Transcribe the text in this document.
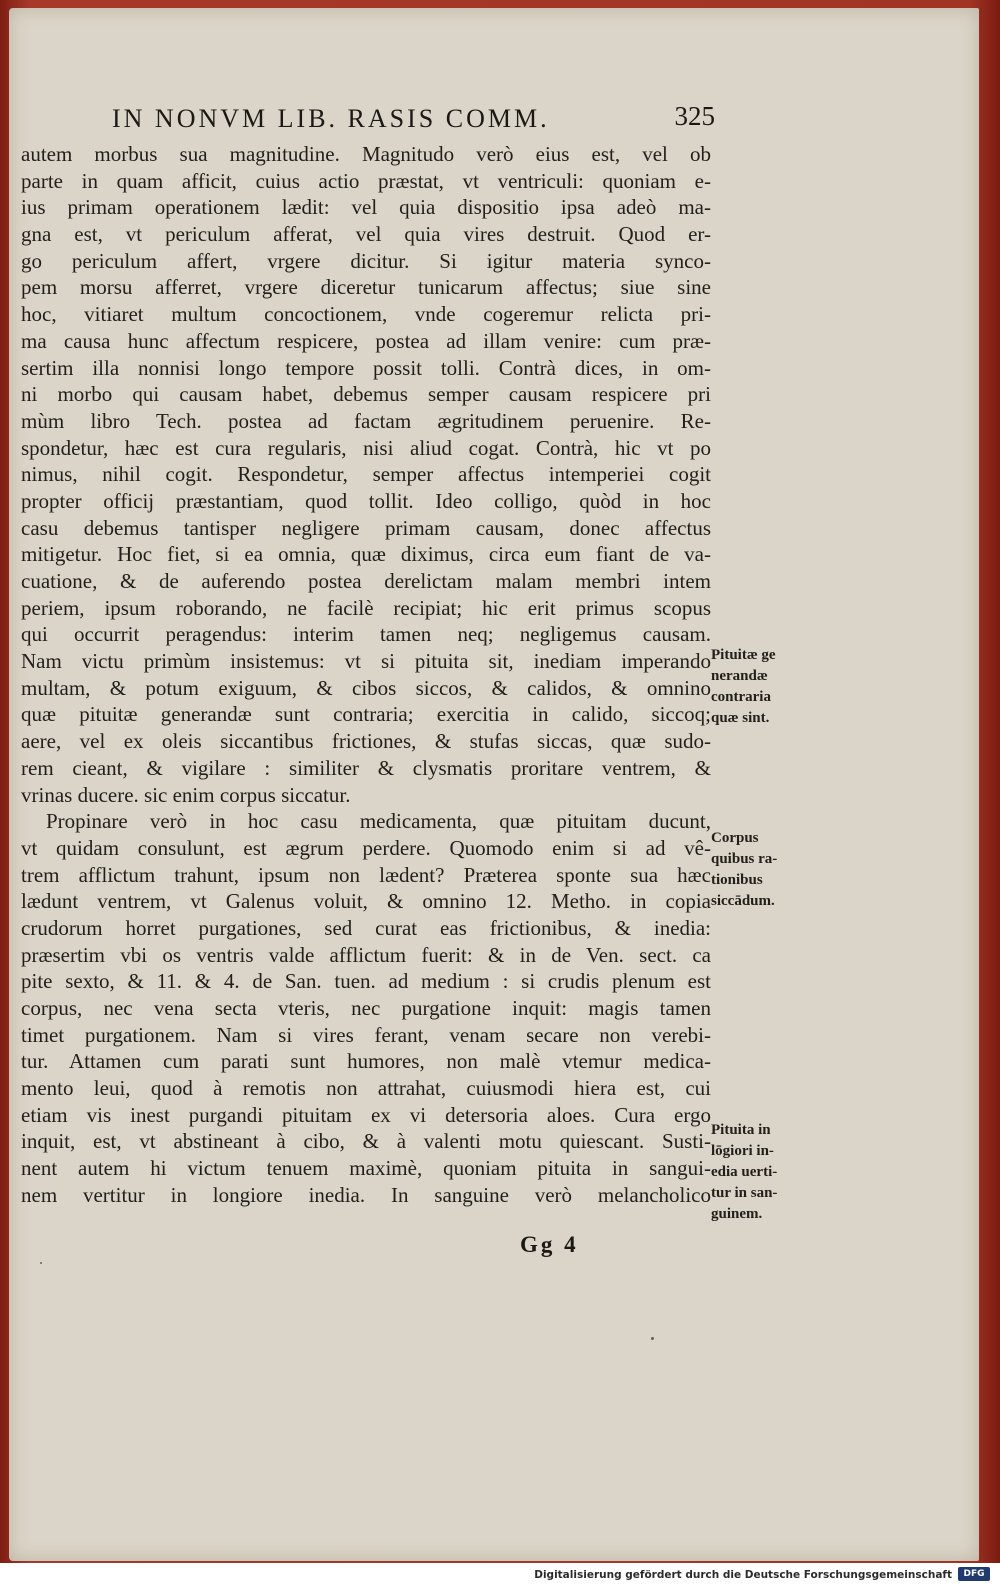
IN NONVM LIB. RASIS COMM.	325
autem morbus sua magnitudine. Magnitudo verò eius est, vel ob
parte in quam afficit, cuius actio præstat, vt ventriculi: quoniam e-
ius primam operationem lædit: vel quia dispositio ipsa adeò ma-
gna est, vt periculum afferat, vel quia vires destruit. Quod er-
go periculum affert, vrgere dicitur. Si igitur materia synco-
pem morsu afferret, vrgere diceretur tunicarum affectus; siue sine
hoc, vitiaret multum concoctionem, vnde cogeremur relicta pri-
ma causa hunc affectum respicere, postea ad illam venire: cum præ-
sertim illa nonnisi longo tempore possit tolli. Contrà dices, in om-
ni morbo qui causam habet, debemus semper causam respicere pri
mùm libro Tech. postea ad factam ægritudinem peruenire. Re-
spondetur, hæc est cura regularis, nisi aliud cogat. Contrà, hic vt po
nimus, nihil cogit. Respondetur, semper affectus intemperiei cogit
propter officij præstantiam, quod tollit. Ideo colligo, quòd in hoc
casu debemus tantisper negligere primam causam, donec affectus
mitigetur. Hoc fiet, si ea omnia, quæ diximus, circa eum fiant de va-
cuatione, & de auferendo postea derelictam malam membri intem
periem, ipsum roborando, ne facilè recipiat; hic erit primus scopus
qui occurrit peragendus: interim tamen neq; negligemus causam.
Nam victu primùm insistemus: vt si pituita sit, inediam imperando
multam, & potum exiguum, & cibos siccos, & calidos, & omnino
quæ pituitæ generandæ sunt contraria; exercitia in calido, siccoq;
aere, vel ex oleis siccantibus frictiones, & stufas siccas, quæ sudo-
rem cieant, & vigilare : similiter & clysmatis proritare ventrem, &
vrinas ducere. sic enim corpus siccatur.
Propinare verò in hoc casu medicamenta, quæ pituitam ducunt,
vt quidam consulunt, est ægrum perdere. Quomodo enim si ad vê-
trem afflictum trahunt, ipsum non lædent? Præterea sponte sua hæc
lædunt ventrem, vt Galenus voluit, & omnino 12. Metho. in copia
crudorum horret purgationes, sed curat eas frictionibus, & inedia:
præsertim vbi os ventris valde afflictum fuerit: & in de Ven. sect. ca
pite sexto, & 11. & 4. de San. tuen. ad medium : si crudis plenum est
corpus, nec vena secta vteris, nec purgatione inquit: magis tamen
timet purgationem. Nam si vires ferant, venam secare non verebi-
tur. Attamen cum parati sunt humores, non malè vtemur medica-
mento leui, quod à remotis non attrahat, cuiusmodi hiera est, cui
etiam vis inest purgandi pituitam ex vi detersoria aloes. Cura ergo
inquit, est, vt abstineant à cibo, & à valenti motu quiescant. Susti-
nent autem hi victum tenuem maximè, quoniam pituita in sangui-
nem vertitur in longiore inedia. In sanguine verò melancholico
Pituitæ ge
nerandæ
contraria
quæ sint.
Corpus
quibus ra-
tionibus
siccādum.
Pituita in
lōgiori in-
edia uerti-
tur in san-
guinem.
Gg 4
Digitalisierung gefördert durch die Deutsche Forschungsgemeinschaft	DFG
